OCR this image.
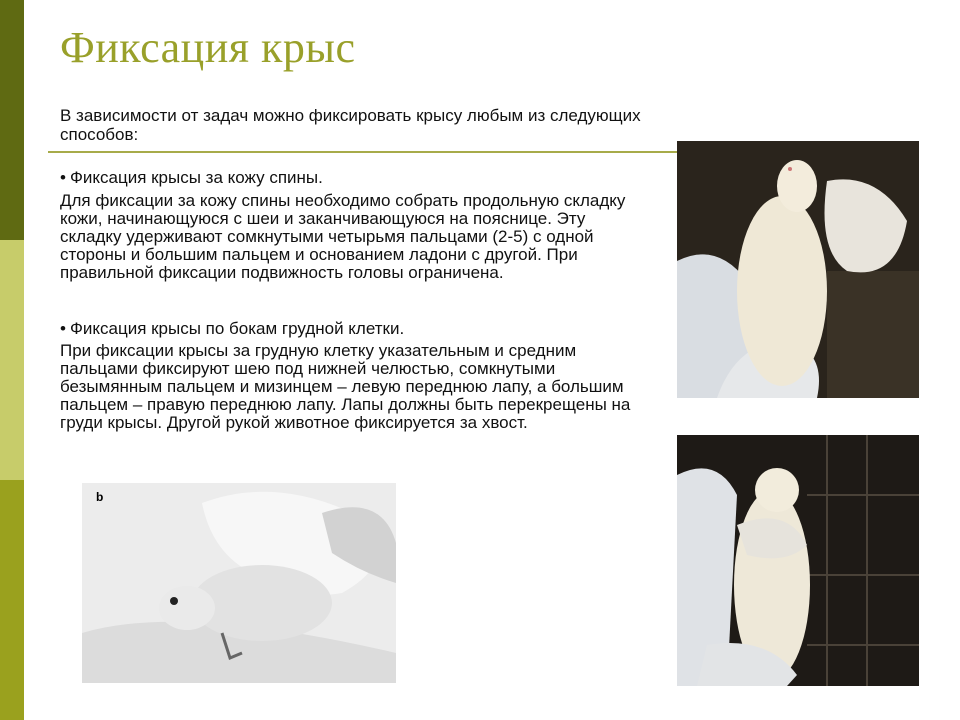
Фиксация крыс
В зависимости от задач можно фиксировать крысу любым из следующих способов:
• Фиксация крысы за кожу спины.
Для фиксации за кожу спины необходимо собрать продольную складку кожи, начинающуюся с шеи и заканчивающуюся на пояснице. Эту складку удерживают сомкнутыми четырьмя пальцами (2-5) с одной стороны и большим пальцем и основанием ладони с другой. При правильной фиксации подвижность головы ограничена.
• Фиксация крысы по бокам грудной клетки.
При фиксации крысы за грудную клетку указательным и средним пальцами фиксируют шею под нижней челюстью, сомкнутыми безымянным пальцем и мизинцем – левую переднюю лапу, а большим пальцем – правую переднюю лапу. Лапы должны быть перекрещены на груди крысы. Другой рукой животное фиксируется за хвост.
b
